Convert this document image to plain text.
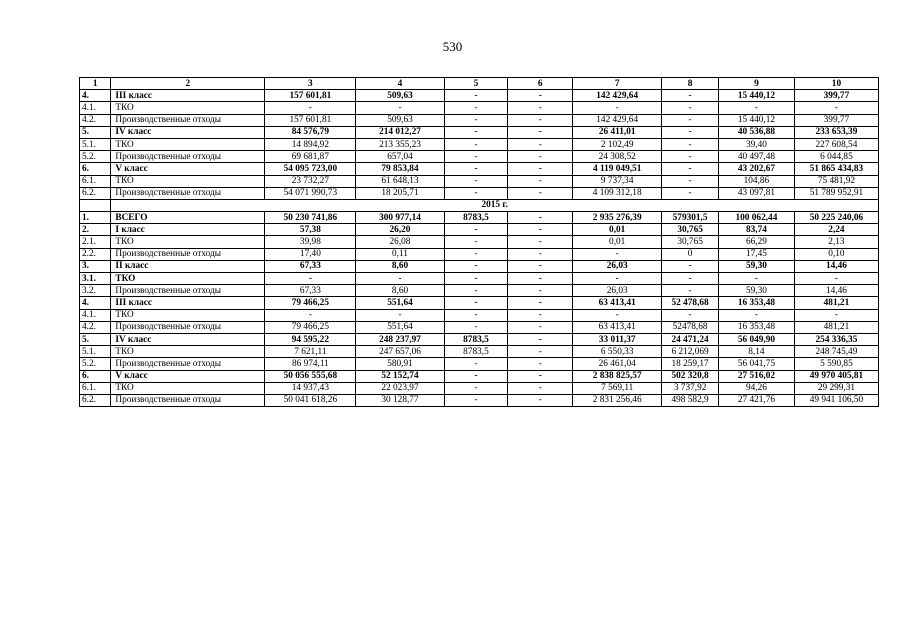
530
1	2	3	4	5	6	7	8	9	10
4.	III класс	157 601,81	509,63	-	-	142 429,64	-	15 440,12	399,77
4.1.	ТКО	-	-	-	-	-	-	-	-
4.2.	Производственные отходы	157 601,81	509,63	-	-	142 429,64	-	15 440,12	399,77
5.	IV класс	84 576,79	214 012,27	-	-	26 411,01	-	40 536,88	233 653,39
5.1.	ТКО	14 894,92	213 355,23	-	-	2 102,49	-	39,40	227 608,54
5.2.	Производственные отходы	69 681,87	657,04	-	-	24 308,52	-	40 497,48	6 044,85
6.	V класс	54 095 723,00	79 853,84	-	-	4 119 049,51	-	43 202,67	51 865 434,83
6.1.	ТКО	23 732,27	61 648,13	-	-	9 737,34	-	104,86	75 481,92
6.2.	Производственные отходы	54 071 990,73	18 205,71	-	-	4 109 312,18	-	43 097,81	51 789 952,91
	2015 г.								
1.	ВСЕГО	50 230 741,86	300 977,14	8783,5	-	2 935 276,39	579301,5	100 062,44	50 225 240,06
2.	I класс	57,38	26,20	-	-	0,01	30,765	83,74	2,24
2.1.	ТКО	39,98	26,08	-	-	0,01	30,765	66,29	2,13
2.2.	Производственные отходы	17,40	0,11	-	-	-	0	17,45	0,10
3.	II класс	67,33	8,60	-	-	26,03	-	59,30	14,46
3.1.	ТКО	-	-	-	-	-	-	-	-
3.2.	Производственные отходы	67,33	8,60	-	-	26,03	-	59,30	14,46
4.	III класс	79 466,25	551,64	-	-	63 413,41	52 478,68	16 353,48	481,21
4.1.	ТКО	-	-	-	-	-	-	-	-
4.2.	Производственные отходы	79 466,25	551,64	-	-	63 413,41	52478,68	16 353,48	481,21
5.	IV класс	94 595,22	248 237,97	8783,5	-	33 011,37	24 471,24	56 049,90	254 336,35
5.1.	ТКО	7 621,11	247 657,06	8783,5	-	6 550,33	6 212,069	8,14	248 745,49
5.2.	Производственные отходы	86 974,11	580,91	-	-	26 461,04	18 259,17	56 041,75	5 590,85
6.	V класс	50 056 555,68	52 152,74	-	-	2 838 825,57	502 320,8	27 516,02	49 970 405,81
6.1.	ТКО	14 937,43	22 023,97	-	-	7 569,11	3 737,92	94,26	29 299,31
6.2.	Производственные отходы	50 041 618,26	30 128,77	-	-	2 831 256,46	498 582,9	27 421,76	49 941 106,50
